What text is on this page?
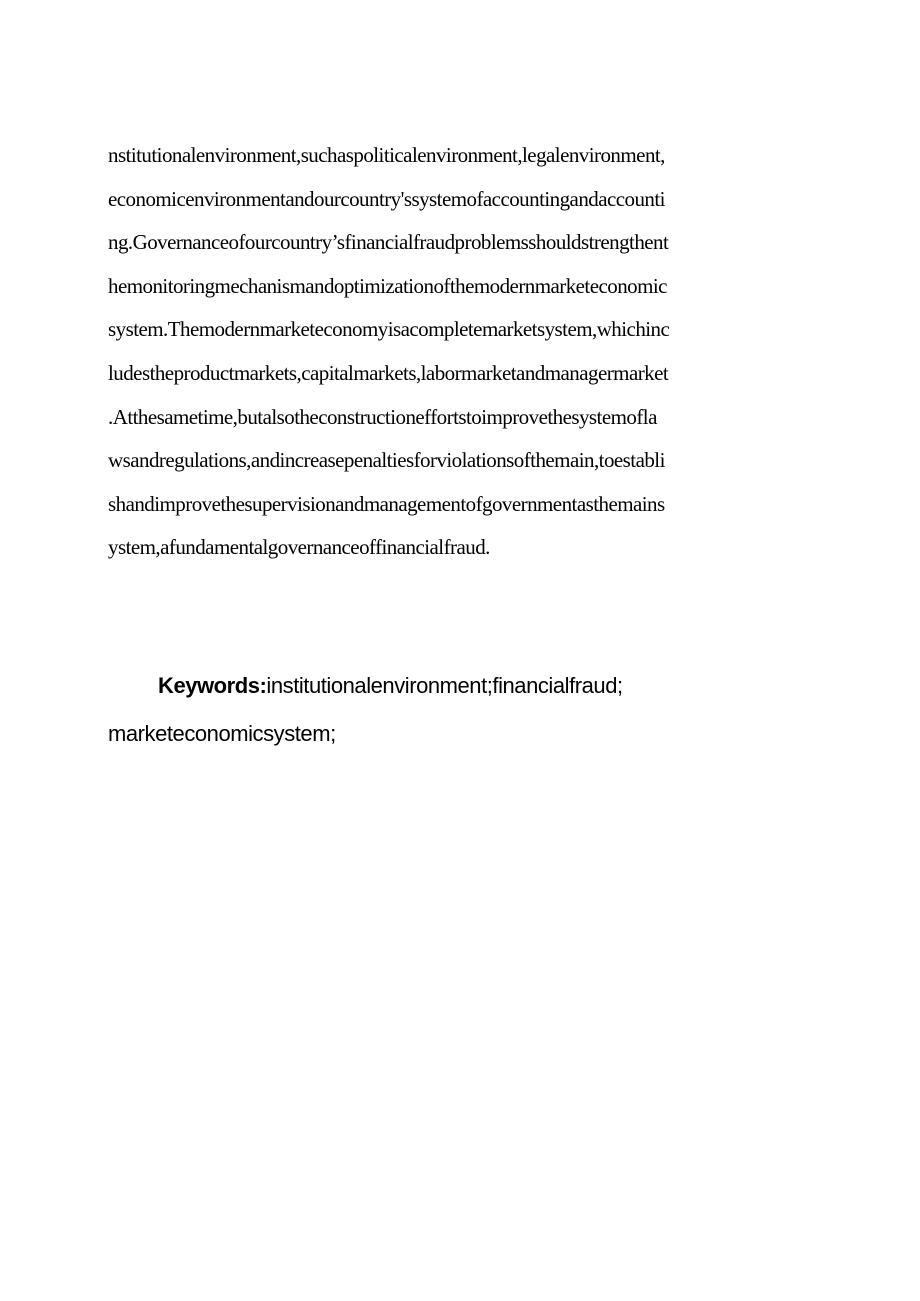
nstitutionalenvironment,suchaspoliticalenvironment,legalenvironment,
economicenvironmentandourcountry'ssystemofaccountingandaccounti
ng.Governanceofourcountry’sfinancialfraudproblemsshouldstrengthent
hemonitoringmechanismandoptimizationofthemodernmarketeconomic
system.Themodernmarketeconomyisacompletemarketsystem,whichinc
ludestheproductmarkets,capitalmarkets,labormarketandmanagermarket
.Atthesametime,butalsotheconstructioneffortstoimprovethesystemofla
wsandregulations,andincreasepenaltiesforviolationsofthemain,toestabli
shandimprovethesupervisionandmanagementofgovernmentasthemains
ystem,afundamentalgovernanceoffinancialfraud.
Keywords:institutionalenvironment;financialfraud;
marketeconomicsystem;
